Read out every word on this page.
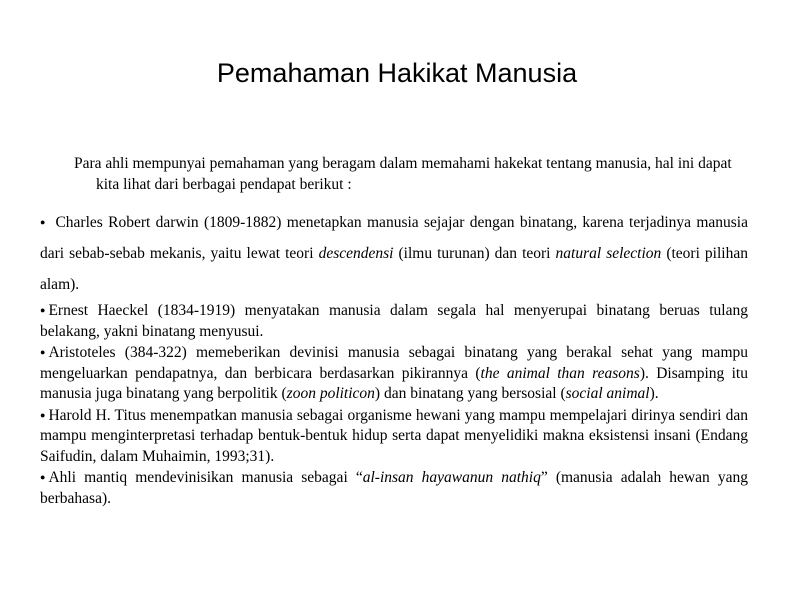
Pemahaman Hakikat Manusia

Para ahli mempunyai pemahaman yang beragam dalam memahami hakekat tentang manusia, hal ini dapat kita lihat dari berbagai pendapat berikut :

● Charles Robert darwin (1809-1882) menetapkan manusia sejajar dengan binatang, karena terjadinya manusia dari sebab-sebab mekanis, yaitu lewat teori descendensi (ilmu turunan) dan teori natural selection (teori pilihan alam).

● Ernest Haeckel (1834-1919) menyatakan manusia dalam segala hal menyerupai binatang beruas tulang belakang, yakni binatang menyusui.

● Aristoteles (384-322) memeberikan devinisi manusia sebagai binatang yang berakal sehat yang mampu mengeluarkan pendapatnya, dan berbicara berdasarkan pikirannya (the animal than reasons). Disamping itu manusia juga binatang yang berpolitik (zoon politicon) dan binatang yang bersosial (social animal).

● Harold H. Titus menempatkan manusia sebagai organisme hewani yang mampu mempelajari dirinya sendiri dan mampu menginterpretasi terhadap bentuk-bentuk hidup serta dapat menyelidiki makna eksistensi insani (Endang Saifudin, dalam Muhaimin, 1993;31).

● Ahli mantiq mendevinisikan manusia sebagai “al-insan hayawanun nathiq” (manusia adalah hewan yang berbahasa).
